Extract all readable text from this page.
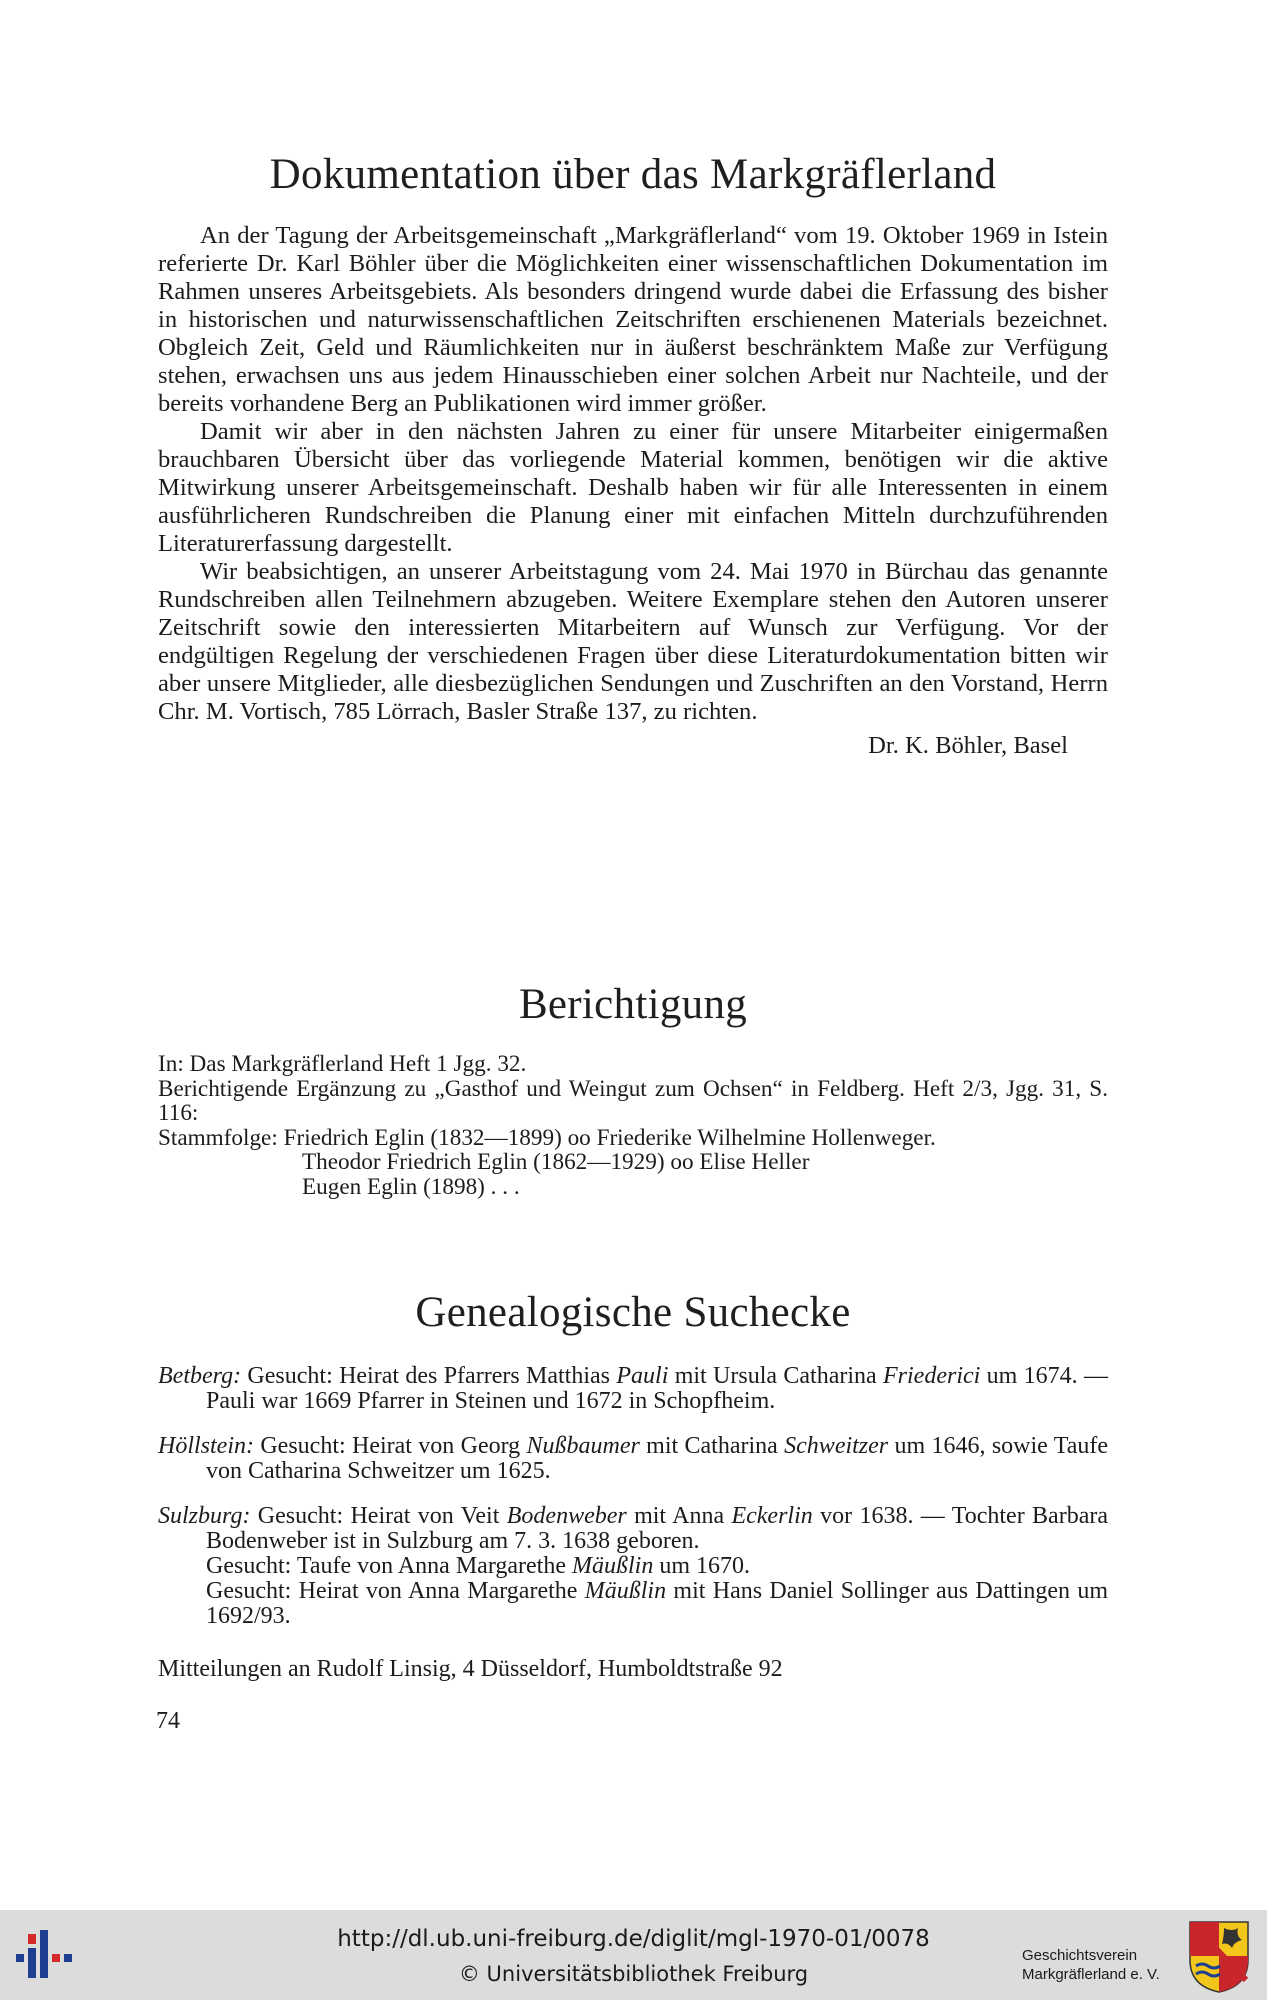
Dokumentation über das Markgräflerland

An der Tagung der Arbeitsgemeinschaft „Markgräflerland“ vom 19. Oktober 1969 in Istein referierte Dr. Karl Böhler über die Möglichkeiten einer wissenschaftlichen Dokumentation im Rahmen unseres Arbeitsgebiets. Als besonders dringend wurde dabei die Erfassung des bisher in historischen und naturwissenschaftlichen Zeitschriften erschienenen Materials bezeichnet. Obgleich Zeit, Geld und Räumlichkeiten nur in äußerst beschränktem Maße zur Verfügung stehen, erwachsen uns aus jedem Hinausschieben einer solchen Arbeit nur Nachteile, und der bereits vorhandene Berg an Publikationen wird immer größer.

Damit wir aber in den nächsten Jahren zu einer für unsere Mitarbeiter einigermaßen brauchbaren Übersicht über das vorliegende Material kommen, benötigen wir die aktive Mitwirkung unserer Arbeitsgemeinschaft. Deshalb haben wir für alle Interessenten in einem ausführlicheren Rundschreiben die Planung einer mit einfachen Mitteln durchzuführenden Literaturerfassung dargestellt.

Wir beabsichtigen, an unserer Arbeitstagung vom 24. Mai 1970 in Bürchau das genannte Rundschreiben allen Teilnehmern abzugeben. Weitere Exemplare stehen den Autoren unserer Zeitschrift sowie den interessierten Mitarbeitern auf Wunsch zur Verfügung. Vor der endgültigen Regelung der verschiedenen Fragen über diese Literaturdokumentation bitten wir aber unsere Mitglieder, alle diesbezüglichen Sendungen und Zuschriften an den Vorstand, Herrn Chr. M. Vortisch, 785 Lörrach, Basler Straße 137, zu richten.

Dr. K. Böhler, Basel

Berichtigung

In: Das Markgräflerland Heft 1 Jgg. 32.

Berichtigende Ergänzung zu „Gasthof und Weingut zum Ochsen“ in Feldberg. Heft 2/3, Jgg. 31, S. 116:

Stammfolge: Friedrich Eglin (1832—1899) oo Friederike Wilhelmine Hollenweger.

Theodor Friedrich Eglin (1862—1929) oo Elise Heller

Eugen Eglin (1898) . . .

Genealogische Suchecke

Betberg: Gesucht: Heirat des Pfarrers Matthias Pauli mit Ursula Catharina Friederici um 1674. — Pauli war 1669 Pfarrer in Steinen und 1672 in Schopfheim.

Höllstein: Gesucht: Heirat von Georg Nußbaumer mit Catharina Schweitzer um 1646, sowie Taufe von Catharina Schweitzer um 1625.

Sulzburg: Gesucht: Heirat von Veit Bodenweber mit Anna Eckerlin vor 1638. — Tochter Barbara Bodenweber ist in Sulzburg am 7. 3. 1638 geboren.
Gesucht: Taufe von Anna Margarethe Mäußlin um 1670.
Gesucht: Heirat von Anna Margarethe Mäußlin mit Hans Daniel Sollinger aus Dattingen um 1692/93.

Mitteilungen an Rudolf Linsig, 4 Düsseldorf, Humboldtstraße 92

74
http://dl.ub.uni-freiburg.de/diglit/mgl-1970-01/0078
© Universitätsbibliothek Freiburg
Geschichtsverein
Markgräflerland e. V.
